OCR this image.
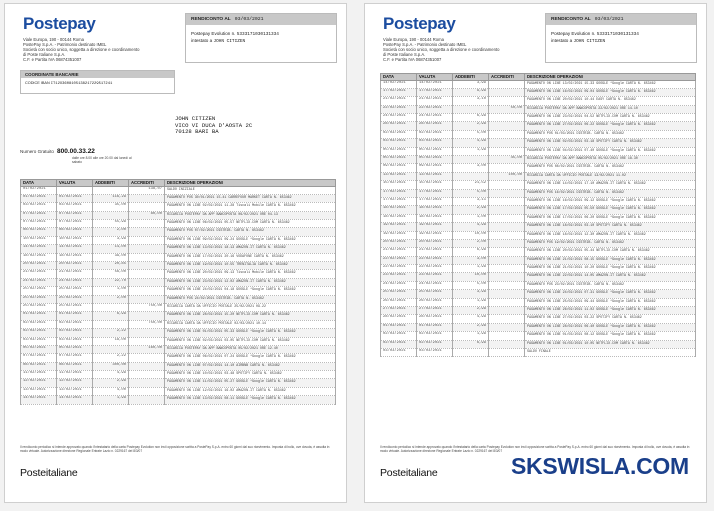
Postepay
Viale Europa, 190 - 00144 Roma
PostePay S.p.A. - Patrimonio destinato IMEL
Società con socio unico, soggetta a direzione e coordinamento
di Poste Italiane S.p.A.
C.F. e Partita IVA 06874351007
RENDICONTO AL 03/03/2021
Postepay Evolution n. 5333171030131334
intestato a JOHN CITIZEN
COORDINATE BANCARIE
CODICE IBAN IT12X3608105138217229517241
JOHN CITIZEN
VICO VI DUCA D'AOSTA 2C
70128 BARI BA
Numero Gratuito 800.00.33.22
dalle ore 8.00 alle ore 20.00 dal lunedì al sabato
DATA	VALUTA	ADDEBITI	ACCREDITI	DESCRIZIONE OPERAZIONI
01/02/2021			138,07	SALDO INIZIALE
01/02/2021	01/02/2021	116,29		PAGAMENTO POS 30/01/2021 15.41 CARREFOUR MARKET CARTA N. 653462
03/02/2021	03/02/2021	35,00		PAGAMENTO ON LINE 02/02/2021 11.28 Tiscali Mobile CARTA N. 653462
07/02/2021	07/02/2021		80,00	RICARICA POSTEPAY DA APP BANCOPOSTA 06/02/2021 ORE 04.13
07/02/2021	07/02/2021	55,99		PAGAMENTO ON LINE 06/02/2021 05.57 NETFLIX.COM CARTA N. 653462
08/02/2021	08/02/2021	2,00		PAGAMENTO POS 07/02/2021 DISTRIB. CARTA N. 653462
10/02/2021	10/02/2021	3,99		PAGAMENTO ON LINE 09/02/2021 09.24 GOOGLE *Google CARTA N. 653462
14/02/2021	14/02/2021	14,00		PAGAMENTO ON LINE 13/02/2021 18.13 AMAZON.IT CARTA N. 653462
18/02/2021	18/02/2021	39,00		PAGAMENTO ON LINE 17/02/2021 20.16 VODAFONE CARTA N. 653462
20/02/2021	20/02/2021	20,85		PAGAMENTO ON LINE 19/02/2021 10.55 TRENITALIA CARTA N. 653462
21/02/2021	21/02/2021	56,00		PAGAMENTO ON LINE 20/02/2021 09.13 Tiscali Mobile CARTA N. 653462
24/02/2021	24/02/2021	22,70		PAGAMENTO ON LINE 23/02/2021 12.02 AMAZON.IT CARTA N. 653462
25/02/2021	25/02/2021	1,00		PAGAMENTO ON LINE 24/02/2021 04.18 GOOGLE *Google CARTA N. 653462
25/02/2021	25/02/2021	2,00		PAGAMENTO POS 24/02/2021 DISTRIB. CARTA N. 653462
25/02/2021	25/02/2021		750,00	RICARICA CARTA DA UFFICIO POSTALE 25/02/2021 09.22
01/03/2021	01/03/2021	6,99		PAGAMENTO ON LINE 28/02/2021 15.20 NETFLIX.COM CARTA N. 653462
02/03/2021	02/03/2021		750,00	RICARICA CARTA DA UFFICIO POSTALE 02/03/2021 10.14
02/03/2021	02/03/2021	2,22		PAGAMENTO ON LINE 01/03/2021 05.33 GOOGLE *Google CARTA N. 653462
03/03/2021	03/03/2021	18,00		PAGAMENTO ON LINE 02/03/2021 03.05 NETFLIX.COM CARTA N. 653462
05/02/2021	05/02/2021		160,00	RICARICA POSTEPAY DA APP BANCOPOSTA 05/02/2021 ORE 12.40
07/02/2021	07/02/2021	2,22		PAGAMENTO ON LINE 06/02/2021 07.24 GOOGLE *Google CARTA N. 653462
08/02/2021	08/02/2021	300,00		PAGAMENTO ON LINE 07/02/2021 14.10 AIRBNB CARTA N. 653462
11/02/2021	11/02/2021	4,99		PAGAMENTO ON LINE 10/02/2021 03.48 SPOTIFY CARTA N. 653462
12/02/2021	12/02/2021	2,99		PAGAMENTO ON LINE 11/02/2021 05.27 GOOGLE *Google CARTA N. 653462
13/02/2021	13/02/2021	4,00		PAGAMENTO ON LINE 12/02/2021 16.02 AMAZON.IT CARTA N. 653462
14/02/2021	14/02/2021	1,99		PAGAMENTO ON LINE 13/02/2021 08.11 GOOGLE *Google CARTA N. 653462
Il rendiconto periodico si intende approvato quando l'intestatario della carta Postepay Evolution non invii opposizione scritta a PostePay S.p.A. entro 60 giorni dal suo ricevimento. Imposta di bollo, ove dovuta, è assolta in modo virtuale. Autorizzazione direzione Regionale Entrate Lazio n. 0229167 del 8/3/07
Posteitaliane
Postepay
Viale Europa, 190 - 00144 Roma
PostePay S.p.A. - Patrimonio destinato IMEL
Società con socio unico, soggetta a direzione e coordinamento
di Poste Italiane S.p.A.
C.F. e Partita IVA 06874351007
RENDICONTO AL 03/03/2021
Postepay Evolution n. 5333171030131334
intestato a JOHN CITIZEN
DATA	VALUTA	ADDEBITI	ACCREDITI	DESCRIZIONE OPERAZIONI
14/02/2021	14/02/2021	3,99		PAGAMENTO ON LINE 13/02/2021 15.33 GOOGLE *Google CARTA N. 653462
17/02/2021	17/02/2021	9,99		PAGAMENTO ON LINE 16/02/2021 09.04 GOOGLE *Google CARTA N. 653462
21/02/2021	21/02/2021	3,10		PAGAMENTO ON LINE 20/02/2021 10.44 EASY CARTA N. 653462
22/02/2021	22/02/2021		50,00	RICARICA POSTEPAY DA APP BANCOPOSTA 22/02/2021 ORE 14.10
24/02/2021	24/02/2021	6,99		PAGAMENTO ON LINE 23/02/2021 04.52 NETFLIX.COM CARTA N. 653462
28/02/2021	28/02/2021	2,99		PAGAMENTO ON LINE 27/02/2021 06.22 GOOGLE *Google CARTA N. 653462
02/03/2021	02/03/2021	5,00		PAGAMENTO POS 01/03/2021 DISTRIB. CARTA N. 653462
03/03/2021	03/03/2021	4,99		PAGAMENTO ON LINE 02/03/2021 03.18 SPOTIFY CARTA N. 653462
05/02/2021	05/02/2021	1,99		PAGAMENTO ON LINE 04/02/2021 07.40 GOOGLE *Google CARTA N. 653462
05/02/2021	05/02/2021		45,00	RICARICA POSTEPAY DA APP BANCOPOSTA 05/02/2021 ORE 18.30
09/02/2021	09/02/2021	3,00		PAGAMENTO POS 08/02/2021 DISTRIB. CARTA N. 653462
13/02/2021	13/02/2021		100,00	RICARICA CARTA DA UFFICIO POSTALE 13/02/2021 11.02
15/02/2021	15/02/2021	21,52		PAGAMENTO ON LINE 14/02/2021 17.10 AMAZON.IT CARTA N. 653462
17/02/2021	17/02/2021	5,00		PAGAMENTO POS 16/02/2021 DISTRIB. CARTA N. 653462
17/02/2021	17/02/2021	3,11		PAGAMENTO ON LINE 16/02/2021 09.12 GOOGLE *Google CARTA N. 653462
18/02/2021	18/02/2021	2,99		PAGAMENTO ON LINE 17/02/2021 05.50 GOOGLE *Google CARTA N. 653462
18/02/2021	18/02/2021	1,00		PAGAMENTO ON LINE 17/02/2021 06.20 GOOGLE *Google CARTA N. 653462
19/02/2021	19/02/2021	4,99		PAGAMENTO ON LINE 18/02/2021 03.10 SPOTIFY CARTA N. 653462
19/02/2021	19/02/2021	10,00		PAGAMENTO ON LINE 18/02/2021 12.30 AMAZON.IT CARTA N. 653462
20/02/2021	20/02/2021	2,00		PAGAMENTO POS 19/02/2021 DISTRIB. CARTA N. 653462
21/02/2021	21/02/2021	6,99		PAGAMENTO ON LINE 20/02/2021 05.44 NETFLIX.COM CARTA N. 653462
22/02/2021	22/02/2021	3,00		PAGAMENTO ON LINE 21/02/2021 08.15 GOOGLE *Google CARTA N. 653462
22/02/2021	22/02/2021	1,99		PAGAMENTO ON LINE 21/02/2021 10.20 GOOGLE *Google CARTA N. 653462
23/02/2021	23/02/2021	10,00		PAGAMENTO ON LINE 22/02/2021 14.05 AMAZON.IT CARTA N. 653462
24/02/2021	24/02/2021	5,00		PAGAMENTO POS 23/02/2021 DISTRIB. CARTA N. 653462
25/02/2021	25/02/2021	3,99		PAGAMENTO ON LINE 24/02/2021 07.31 GOOGLE *Google CARTA N. 653462
26/02/2021	26/02/2021	1,99		PAGAMENTO ON LINE 25/02/2021 09.44 GOOGLE *Google CARTA N. 653462
27/02/2021	27/02/2021	2,99		PAGAMENTO ON LINE 26/02/2021 11.02 GOOGLE *Google CARTA N. 653462
28/02/2021	28/02/2021	4,99		PAGAMENTO ON LINE 27/02/2021 03.22 SPOTIFY CARTA N. 653462
01/03/2021	01/03/2021	2,99		PAGAMENTO ON LINE 28/02/2021 06.40 GOOGLE *Google CARTA N. 653462
02/03/2021	02/03/2021	1,99		PAGAMENTO ON LINE 01/03/2021 08.12 GOOGLE *Google CARTA N. 653462
02/03/2021	02/03/2021	6,99		PAGAMENTO ON LINE 01/03/2021 10.05 NETFLIX.COM CARTA N. 653462
03/03/2021	03/03/2021			SALDO FINALE
Il rendiconto periodico si intende approvato quando l'intestatario della carta Postepay Evolution non invii opposizione scritta a PostePay S.p.A. entro 60 giorni dal suo ricevimento. Imposta di bollo, ove dovuta, è assolta in modo virtuale. Autorizzazione direzione Regionale Entrate Lazio n. 0229167 del 8/3/07
Posteitaliane	SKSWISLA.COM
